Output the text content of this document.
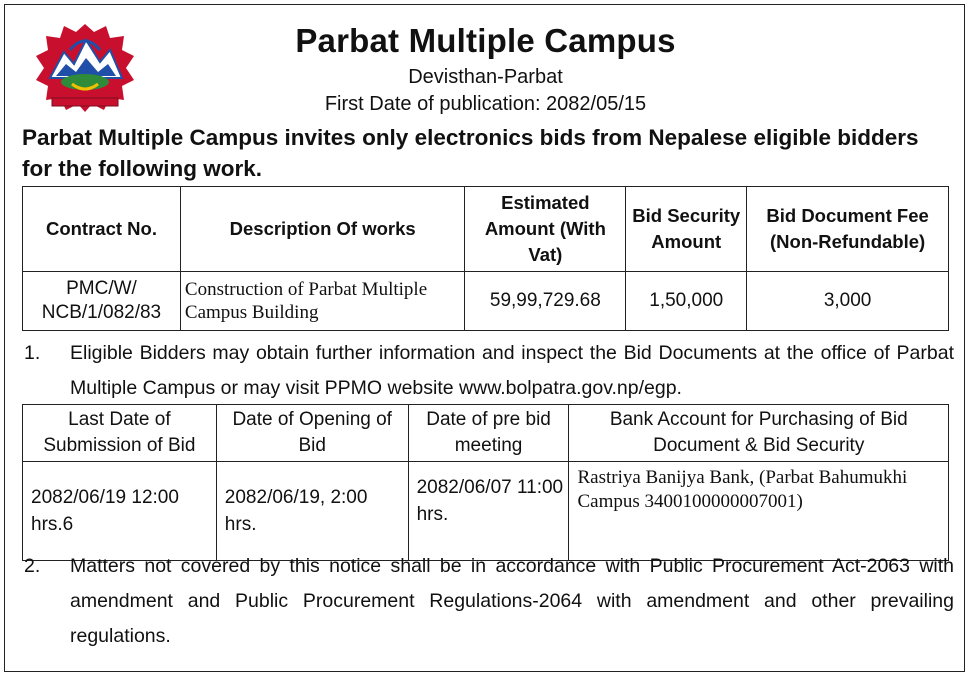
Parbat Multiple Campus
Devisthan-Parbat
First Date of publication: 2082/05/15
Parbat Multiple Campus invites only electronics bids from Nepalese eligible bidders for the following work.
Contract No.	Description Of works	Estimated Amount (With Vat)	Bid Security Amount	Bid Document Fee (Non-Refundable)
PMC/W/ NCB/1/082/83	Construction of Parbat Multiple Campus Building	59,99,729.68	1,50,000	3,000
1. Eligible Bidders may obtain further information and inspect the Bid Documents at the office of Parbat Multiple Campus or may visit PPMO website www.bolpatra.gov.np/egp.
Last Date of Submission of Bid	Date of Opening of Bid	Date of pre bid meeting	Bank Account for Purchasing of Bid Document & Bid Security
2082/06/19 12:00 hrs.6	2082/06/19, 2:00 hrs.	2082/06/07 11:00 hrs.	Rastriya Banijya Bank, (Parbat Bahumukhi Campus 3400100000007001)
2. Matters not covered by this notice shall be in accordance with Public Procurement Act-2063 with amendment and Public Procurement Regulations-2064 with amendment and other prevailing regulations.
